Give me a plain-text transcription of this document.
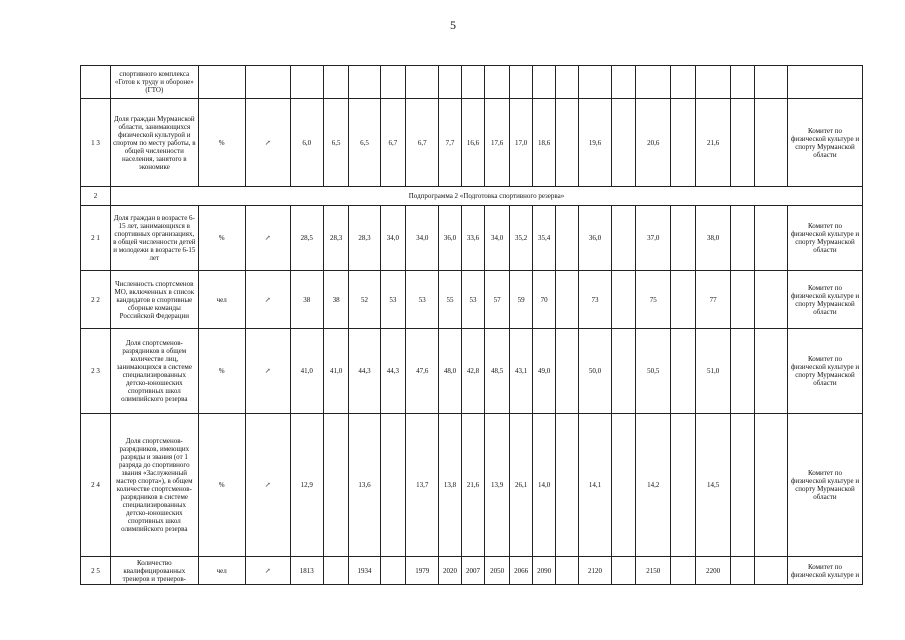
5
	спортивного комплекса «Готов к труду и обороне» (ГТО)																					
1 3	Доля граждан Мурманской области, занимающихся физической культурой и спортом по месту работы, в общей численности населения, занятого в экономике	%	↗	6,0	6,5	6,5	6,7	6,7	7,7	16,6	17,6	17,0	18,6		19,6		20,6		21,6			Комитет по физической культуре и спорту Мурманской области
2	Подпрограмма 2 «Подготовка спортивного резерва»																					
2 1	Доля граждан в возрасте 6-15 лет, занимающихся в спортивных организациях, в общей численности детей и молодежи в возрасте 6-15 лет	%	↗	28,5	28,3	28,3	34,0	34,0	36,0	33,6	34,0	35,2	35,4		36,0		37,0		38,0			Комитет по физической культуре и спорту Мурманской области
2 2	Численность спортсменов МО, включенных в список кандидатов в спортивные сборные команды Российской Федерации	чел	↗	38	38	52	53	53	55	53	57	59	70		73		75		77			Комитет по физической культуре и спорту Мурманской области
2 3	Доля спортсменов-разрядников в общем количестве лиц, занимающихся в системе специализированных детско-юношеских спортивных школ олимпийского резерва	%	↗	41,0	41,0	44,3	44,3	47,6	48,0	42,8	48,5	43,1	49,0		50,0		50,5		51,0			Комитет по физической культуре и спорту Мурманской области
2 4	Доля спортсменов-разрядников, имеющих разряды и звания (от 1 разряда до спортивного звания «Заслуженный мастер спорта»), в общем количестве спортсменов-разрядников в системе специализированных детско-юношеских спортивных школ олимпийского резерва	%	↗	12,9		13,6		13,7	13,8	21,6	13,9	26,1	14,0		14,1		14,2		14,5			Комитет по физической культуре и спорту Мурманской области
2 5	Количество квалифицированных тренеров и тренеров-	чел	↗	1813		1934		1979	2020	2007	2050	2066	2090		2120		2150		2200			Комитет по физической культуре и
